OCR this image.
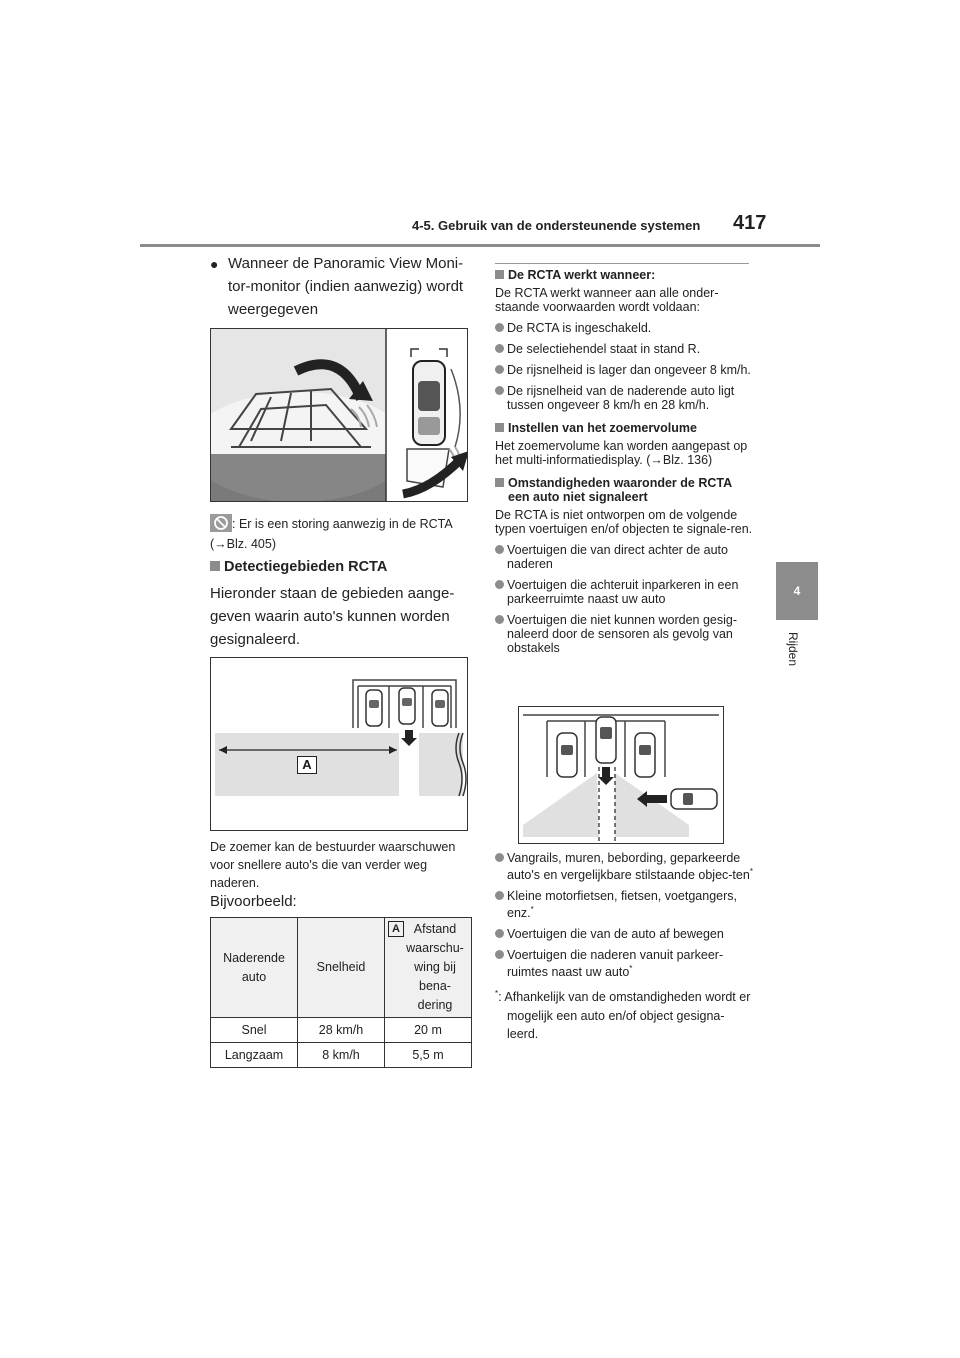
4-5. Gebruik van de ondersteunende systemen 417
4
Rijden
● Wanneer de Panoramic View Moni-tor-monitor (indien aanwezig) wordt weergegeven
: Er is een storing aanwezig in de RCTA (→Blz. 405)
Detectiegebieden RCTA
Hieronder staan de gebieden aange-geven waarin auto's kunnen worden gesignaleerd.
A
De zoemer kan de bestuurder waarschuwen voor snellere auto's die van verder weg naderen.
Bijvoorbeeld:
Naderende auto	Snelheid	A Afstand waarschu-wing bij bena-dering

Snel	28 km/h	20 m
Langzaam	8 km/h	5,5 m
De RCTA werkt wanneer:
De RCTA werkt wanneer aan alle onder-staande voorwaarden wordt voldaan:
De RCTA is ingeschakeld.
De selectiehendel staat in stand R.
De rijsnelheid is lager dan ongeveer 8 km/h.
De rijsnelheid van de naderende auto ligt tussen ongeveer 8 km/h en 28 km/h.
Instellen van het zoemervolume
Het zoemervolume kan worden aangepast op het multi-informatiedisplay. (→Blz. 136)
Omstandigheden waaronder de RCTA een auto niet signaleert
De RCTA is niet ontworpen om de volgende typen voertuigen en/of objecten te signale-ren.
Voertuigen die van direct achter de auto naderen
Voertuigen die achteruit inparkeren in een parkeerruimte naast uw auto
Voertuigen die niet kunnen worden gesig-naleerd door de sensoren als gevolg van obstakels
Vangrails, muren, bebording, geparkeerde auto's en vergelijkbare stilstaande objec-ten*
Kleine motorfietsen, fietsen, voetgangers, enz.*
Voertuigen die van de auto af bewegen
Voertuigen die naderen vanuit parkeer-ruimtes naast uw auto*
*: Afhankelijk van de omstandigheden wordt er mogelijk een auto en/of object gesigna-leerd.
